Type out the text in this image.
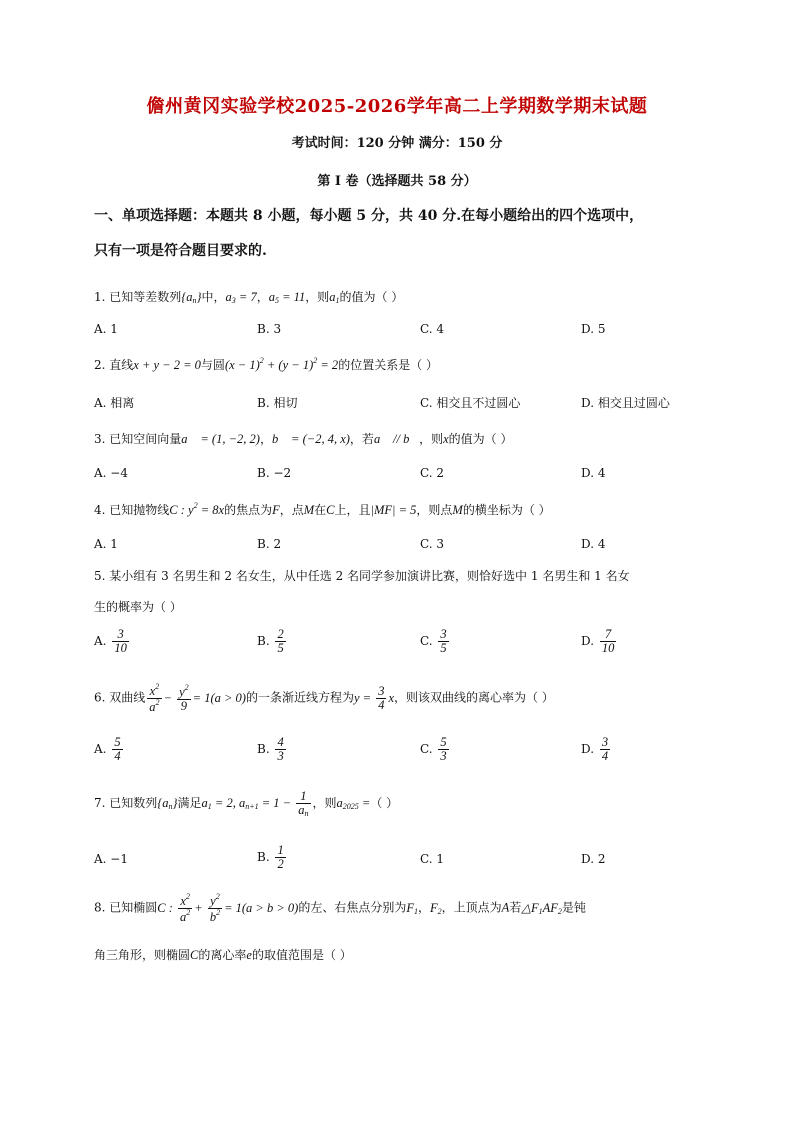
儋州黄冈实验学校2025-2026学年高二上学期数学期末试题
考试时间：120 分钟 满分：150 分
第 I 卷（选择题共 58 分）
一、单项选择题：本题共 8 小题，每小题 5 分，共 40 分.在每小题给出的四个选项中，
只有一项是符合题目要求的.
1. 已知等差数列$\{a_n\}$中，$a_3 = 7$，$a_5 = 11$，则$a_1$的值为（ ）
A. 1	B. 3	C. 4	D. 5
2. 直线x + y − 2 = 0与圆$(x - 1)^2 + (y - 1)^2 = 2$的位置关系是（ ）
A. 相离	B. 相切	C. 相交且不过圆心	D. 相交且过圆心
3. 已知空间向量a⃗ = (1, −2, 2)，b⃗ = (−2, 4, x)，若a⃗ // b⃗，则x的值为（ ）
A. −4	B. −2	C. 2	D. 4
4. 已知抛物线C : $y^2 = 8x$的焦点为F，点M在C上，且|MF| = 5，则点M的横坐标为（ ）
A. 1	B. 2	C. 3	D. 4
5. 某小组有 3 名男生和 2 名女生，从中任选 2 名同学参加演讲比赛，则恰好选中 1 名男生和 1 名女
生的概率为（ ）
A. $\frac{3}{10}$	B. $\frac{2}{5}$	C. $\frac{3}{5}$	D. $\frac{7}{10}$
6. 双曲线 $\frac{x^2}{a^2} - \frac{y^2}{9} = 1(a > 0)$的一条渐近线方程为$y = \frac{3}{4}$ x，则该双曲线的离心率为（ ）
A. $\frac{5}{4}$	B. $\frac{4}{3}$	C. $\frac{5}{3}$	D. $\frac{3}{4}$
7. 已知数列$\{a_n\}$满足$a_1 = 2$, $a_{n+1} = 1 - \frac{1}{a_n}$ ，则$a_{2025}$ =（ ）
A. −1	B. $\frac{1}{2}$	C. 1	D. 2
8. 已知椭圆C : $\frac{x^2}{a^2} + \frac{y^2}{b^2} = 1(a > b > 0)$的左、右焦点分别为$F_1$，$F_2$，上顶点为A若$\triangle F_1AF_2$是钝
角三角形，则椭圆C的离心率e的取值范围是（ ）
